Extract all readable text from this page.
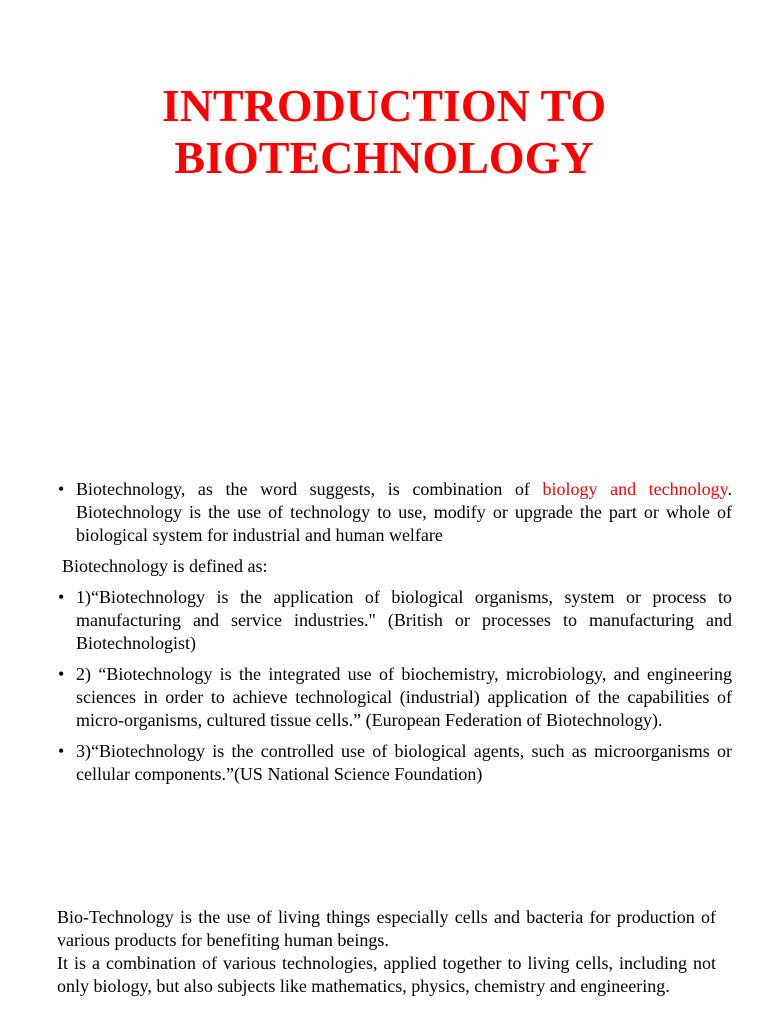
INTRODUCTION TO
BIOTECHNOLOGY
• Biotechnology, as the word suggests, is combination of biology and technology. Biotechnology is the use of technology to use, modify or upgrade the part or whole of biological system for industrial and human welfare
Biotechnology is defined as:
• 1)“Biotechnology is the application of biological organisms, system or process to manufacturing and service industries." (British or processes to manufacturing and Biotechnologist)
• 2) “Biotechnology is the integrated use of biochemistry, microbiology, and engineering sciences in order to achieve technological (industrial) application of the capabilities of micro-organisms, cultured tissue cells.” (European Federation of Biotechnology).
• 3)“Biotechnology is the controlled use of biological agents, such as microorganisms or cellular components.”(US National Science Foundation)

Bio-Technology is the use of living things especially cells and bacteria for production of various products for benefiting human beings.

It is a combination of various technologies, applied together to living cells, including not only biology, but also subjects like mathematics, physics, chemistry and engineering.
